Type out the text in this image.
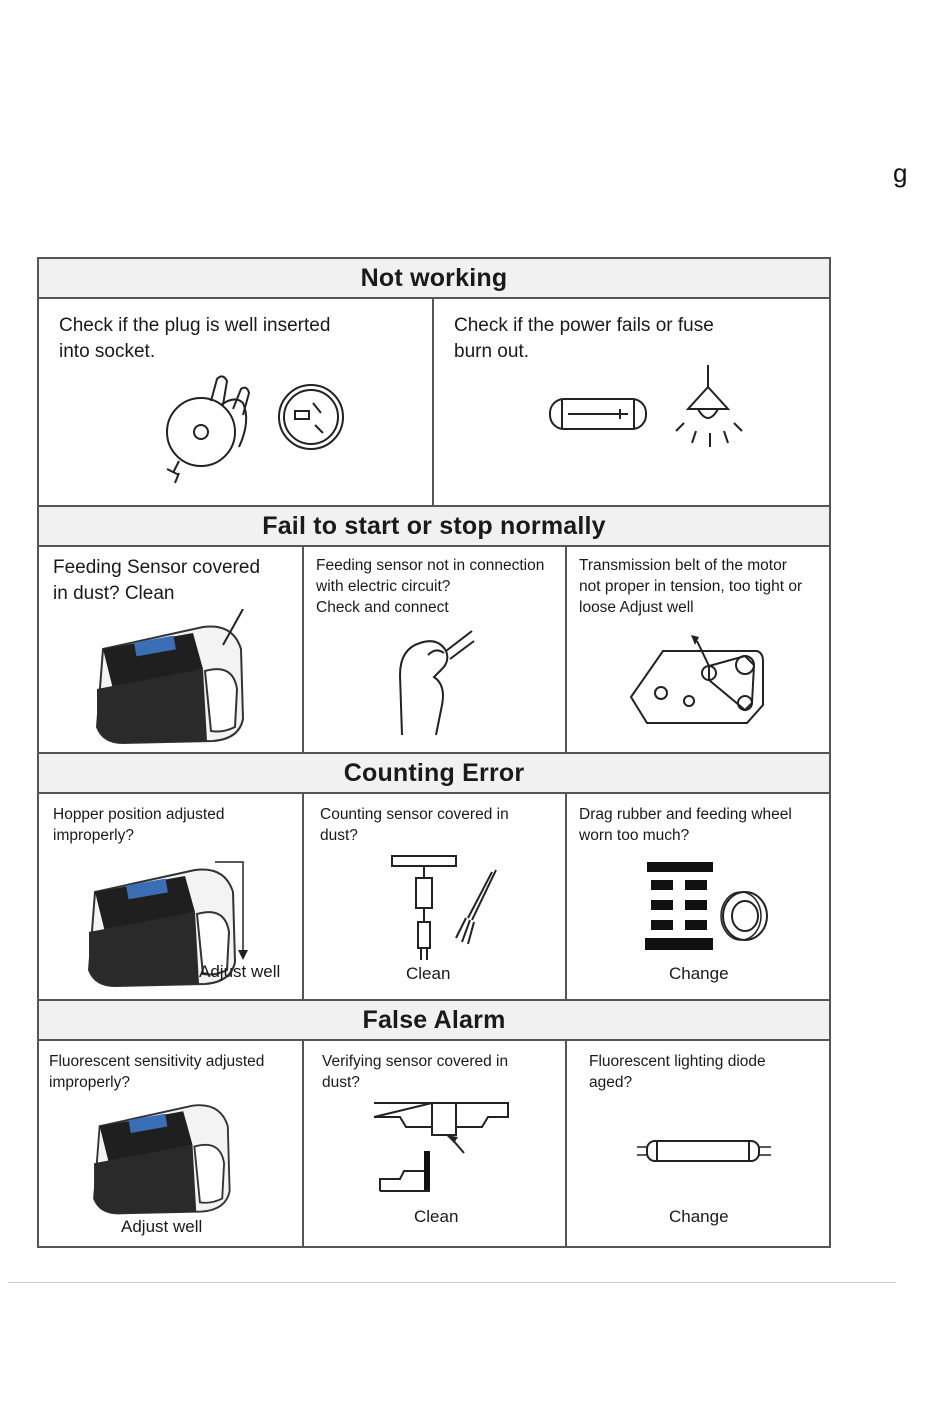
g
Not working
Check if the plug is well inserted
into socket.
Check if the power fails or fuse
burn out.
Fail to start or stop normally
Feeding Sensor covered
in dust? Clean
Feeding sensor not in connection
with electric circuit?
Check and connect
Transmission belt of the motor
not proper in tension, too tight or
loose Adjust well
Counting Error
Hopper position adjusted
improperly?
Adjust well
Counting sensor covered in
dust?
Clean
Drag rubber and feeding wheel
worn too much?
Change
False Alarm
Fluorescent sensitivity adjusted
improperly?
Adjust well
Verifying sensor covered in
dust?
Clean
Fluorescent lighting diode
aged?
Change
